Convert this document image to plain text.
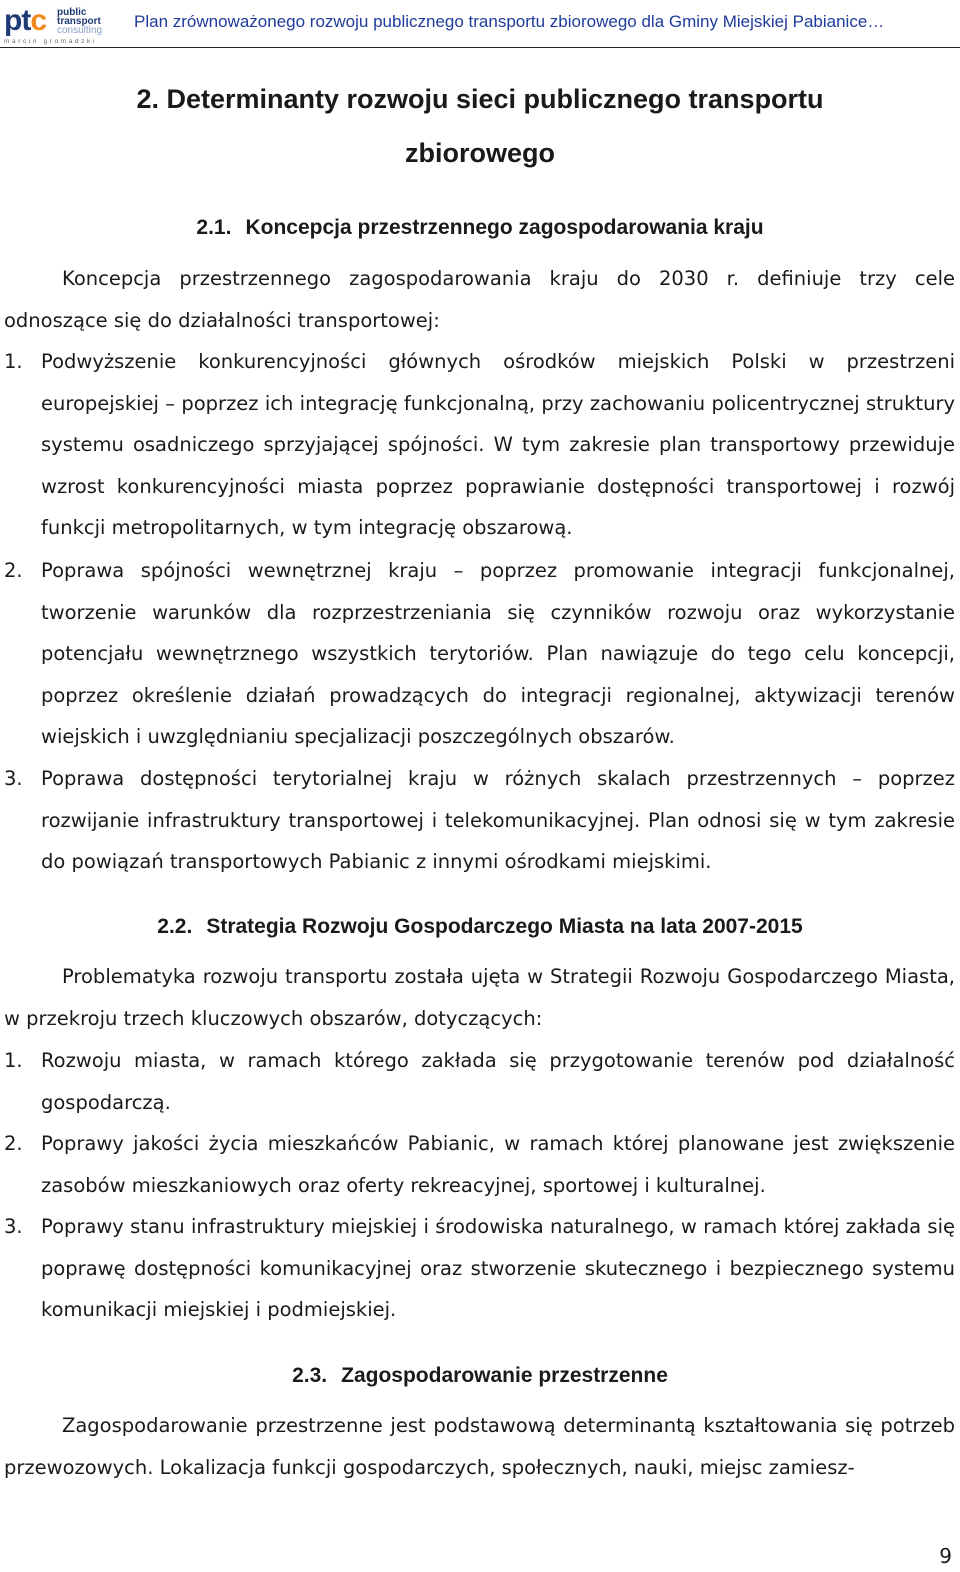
ptc public
transport
consulting
marcin gromadzki
Plan zrównoważonego rozwoju publicznego transportu zbiorowego dla Gminy Miejskiej Pabianice…
2. Determinanty rozwoju sieci publicznego transportu
zbiorowego
2.1. Koncepcja przestrzennego zagospodarowania kraju
Koncepcja przestrzennego zagospodarowania kraju do 2030 r. definiuje trzy cele odnoszące się do działalności transportowej:
1. Podwyższenie konkurencyjności głównych ośrodków miejskich Polski w przestrzeni europejskiej – poprzez ich integrację funkcjonalną, przy zachowaniu policentrycznej struktury systemu osadniczego sprzyjającej spójności. W tym zakresie plan transportowy przewiduje wzrost konkurencyjności miasta poprzez poprawianie dostępności transportowej i rozwój funkcji metropolitarnych, w tym integrację obszarową.
2. Poprawa spójności wewnętrznej kraju – poprzez promowanie integracji funkcjonalnej, tworzenie warunków dla rozprzestrzeniania się czynników rozwoju oraz wykorzystanie potencjału wewnętrznego wszystkich terytoriów. Plan nawiązuje do tego celu koncepcji, poprzez określenie działań prowadzących do integracji regionalnej, aktywizacji terenów wiejskich i uwzględnianiu specjalizacji poszczególnych obszarów.
3. Poprawa dostępności terytorialnej kraju w różnych skalach przestrzennych – poprzez rozwijanie infrastruktury transportowej i telekomunikacyjnej. Plan odnosi się w tym zakresie do powiązań transportowych Pabianic z innymi ośrodkami miejskimi.
2.2. Strategia Rozwoju Gospodarczego Miasta na lata 2007-2015
Problematyka rozwoju transportu została ujęta w Strategii Rozwoju Gospodarczego Miasta, w przekroju trzech kluczowych obszarów, dotyczących:
1. Rozwoju miasta, w ramach którego zakłada się przygotowanie terenów pod działalność gospodarczą.
2. Poprawy jakości życia mieszkańców Pabianic, w ramach której planowane jest zwiększenie zasobów mieszkaniowych oraz oferty rekreacyjnej, sportowej i kulturalnej.
3. Poprawy stanu infrastruktury miejskiej i środowiska naturalnego, w ramach której zakłada się poprawę dostępności komunikacyjnej oraz stworzenie skutecznego i bezpiecznego systemu komunikacji miejskiej i podmiejskiej.
2.3. Zagospodarowanie przestrzenne
Zagospodarowanie przestrzenne jest podstawową determinantą kształtowania się potrzeb przewozowych. Lokalizacja funkcji gospodarczych, społecznych, nauki, miejsc zamiesz-
9
